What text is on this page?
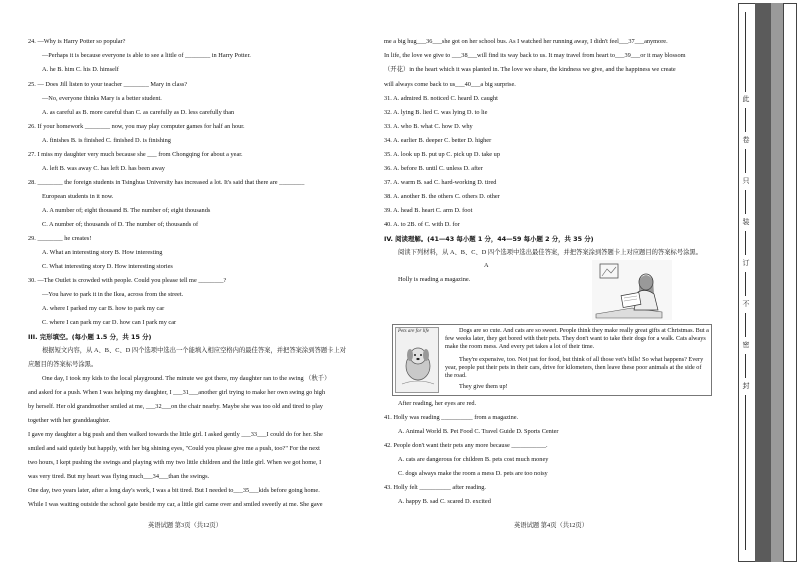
24. —Why is Harry Potter so popular?
—Perhaps it is because everyone is able to see a little of ________ in Harry Potter.
A. he B. him C. his D. himself
25. — Does Jill listen to your teacher ________ Mary in class?
—No, everyone thinks Mary is a better student.
A. as careful as B. more careful than C. as carefully as D. less carefully than
26. If your homework ________ now, you may play computer games for half an hour.
A. finishes B. is finished C. finished D. is finishing
27. I miss my daughter very much because she ___ from Chongqing for about a year.
A. left B. was away C. has left D. has been away
28. ________ the foreign students in Tsinghua University has increased a lot. It's said that there are ________
European students in it now.
A. A number of; eight thousand B. The number of; eight thousands
C. A number of; thousands of D. The number of; thousands of
29. ________ he creates!
A. What an interesting story B. How interesting
C. What interesting story D. How interesting stories
30. —The Outlet is crowded with people. Could you please tell me ________?
—You have to park it in the Ikea, across from the street.
A. where I parked my car B. how to park my car
C. where I can park my car D. how can I park my car
III. 完形填空。(每小题 1.5 分，共 15 分)
根据短文内容，从 A、B、C、D 四个选项中选出一个能填入相应空格内的最佳答案，并把答案涂到答题卡上对
应题目的答案标号涂黑。
One day, I took my kids to the local playground. The minute we got there, my daughter ran to the swing （秋千）
and asked for a push. When I was helping my daughter, I ___31___another girl trying to make her own swing go high
by herself. Her old grandmother smiled at me, ___32___on the chair nearby. Maybe she was too old and tired to play
together with her granddaughter.
I gave my daughter a big push and then walked towards the little girl. I asked gently ___33___I could do for her. She
smiled and said quietly but happily, with her big shining eyes, "Could you please give me a push, too?" For the next
two hours, I kept pushing the swings and playing with my two little children and the little girl. When we got home, I
was very tired. But my heart was flying much___34___than the swings.
One day, two years later, after a long day's work, I was a bit tired. But I needed to___35___kids before going home.
While I was waiting outside the school gate beside my car, a little girl came over and smiled sweetly at me. She gave
英语试题 第3页（共12页）
me a big hug___36___she got on her school bus. As I watched her running away, I didn't feel___37___anymore.
In life, the love we give to ___38___will find its way back to us. It may travel from heart to___39___or it may blossom
（开花）in the heart which it was planted in. The love we share, the kindness we give, and the happiness we create
will always come back to us___40___a big surprise.
31. A. admired B. noticed C. heard D. caught
32. A. lying B. lied C. was lying D. to lie
33. A. who B. what C. how D. why
34. A. earlier B. deeper C. better D. higher
35. A. look up B. put up C. pick up D. take up
36. A. before B. until C. unless D. after
37. A. warm B. sad C. hard-working D. tired
38. A. another B. the others C. others D. other
39. A. head B. heart C. arm D. foot
40. A. to 2B. of C. with D. for
IV. 阅读理解。(41—43 每小题 1 分，44—59 每小题 2 分，共 35 分)
阅读下列材料，从 A、B、C、D 四个选项中选出最佳答案，并把答案涂到答题卡上对应题目的答案标号涂黑。
A
Holly is reading a magazine.
Pets are for life	Dogs are so cute. And cats are so sweet. People think they make really great gifts at Christmas. But a few weeks later, they get bored with their pets. They don't want to take their dogs for a walk. Cats always make the room mess. And every pet takes a lot of their time.
They're expensive, too. Not just for food, but think of all those vet's bills! So what happens? Every year, people put their pets in their cars, drive for kilometers, then leave these poor animals at the side of the road.
They give them up!
After reading, her eyes are red.
41. Holly was reading __________ from a magazine.
A. Animal World B. Pet Food C. Travel Guide D. Sports Center
42. People don't want their pets any more because ___________.
A. cats are dangerous for children B. pets cost much money
C. dogs always make the room a mess D. pets are too noisy
43. Holly felt __________ after reading.
A. happy B. sad C. scared D. excited
英语试题 第4页（共12页）
此
卷
只
装
订
不
密
封
